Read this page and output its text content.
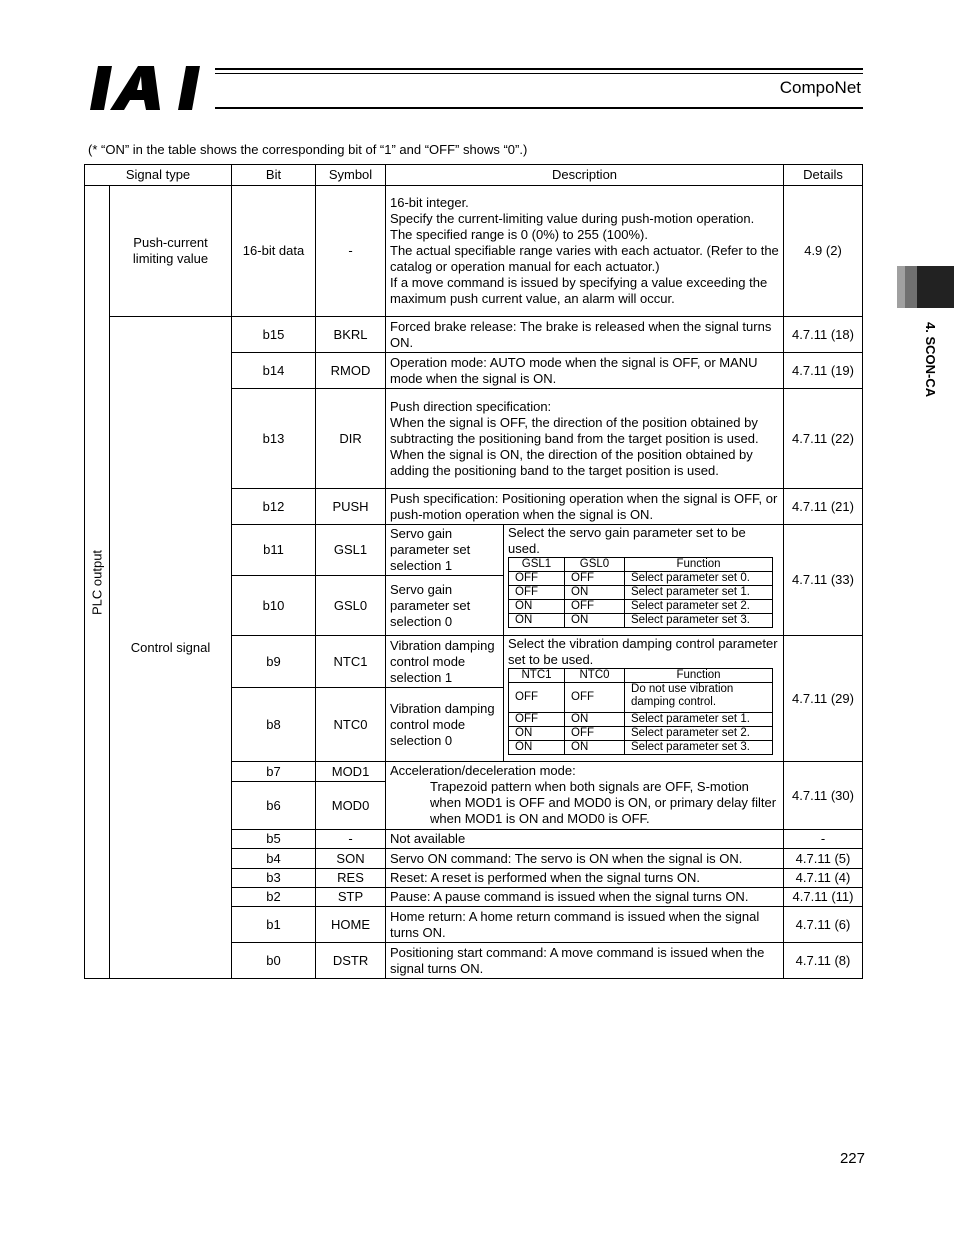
IAI
CompoNet
(* “ON” in the table shows the corresponding bit of “1” and “OFF” shows “0”.)
4. SCON-CA
Signal type	Bit	Symbol	Description	Details
PLC output	Push-current limiting value	16-bit data	-	16-bit integer.
Specify the current-limiting value during push-motion operation.
The specified range is 0 (0%) to 255 (100%).
The actual specifiable range varies with each actuator. (Refer to the catalog or operation manual for each actuator.)
If a move command is issued by specifying a value exceeding the maximum push current value, an alarm will occur.	4.9 (2)
Control signal	b15	BKRL	Forced brake release: The brake is released when the signal turns ON.	4.7.11 (18)
b14	RMOD	Operation mode: AUTO mode when the signal is OFF, or MANU mode when the signal is ON.	4.7.11 (19)
b13	DIR	Push direction specification:
When the signal is OFF, the direction of the position obtained by subtracting the positioning band from the target position is used.
When the signal is ON, the direction of the position obtained by adding the positioning band to the target position is used.	4.7.11 (22)
b12	PUSH	Push specification: Positioning operation when the signal is OFF, or push-motion operation when the signal is ON.	4.7.11 (21)
b11	GSL1	Servo gain parameter set selection 1	
Select the servo gain parameter set to be used.
GSL1	GSL0	Function
OFF	OFF	Select parameter set 0.
OFF	ON	Select parameter set 1.
ON	OFF	Select parameter set 2.
ON	ON	Select parameter set 3.
	4.7.11 (33)
b10	GSL0	Servo gain parameter set selection 0
b9	NTC1	Vibration damping control mode selection 1	
Select the vibration damping control parameter set to be used.
NTC1	NTC0	Function
OFF	OFF	Do not use vibration damping control.
OFF	ON	Select parameter set 1.
ON	OFF	Select parameter set 2.
ON	ON	Select parameter set 3.
	4.7.11 (29)
b8	NTC0	Vibration damping control mode selection 0
b7	MOD1	Acceleration/deceleration mode:
Trapezoid pattern when both signals are OFF, S-motion when MOD1 is OFF and MOD0 is ON, or primary delay filter when MOD1 is ON and MOD0 is OFF.
	4.7.11 (30)
b6	MOD0
b5	-	Not available	-
b4	SON	Servo ON command: The servo is ON when the signal is ON.	4.7.11 (5)
b3	RES	Reset: A reset is performed when the signal turns ON.	4.7.11 (4)
b2	STP	Pause: A pause command is issued when the signal turns ON.	4.7.11 (11)
b1	HOME	Home return: A home return command is issued when the signal turns ON.	4.7.11 (6)
b0	DSTR	Positioning start command: A move command is issued when the signal turns ON.	4.7.11 (8)
227
